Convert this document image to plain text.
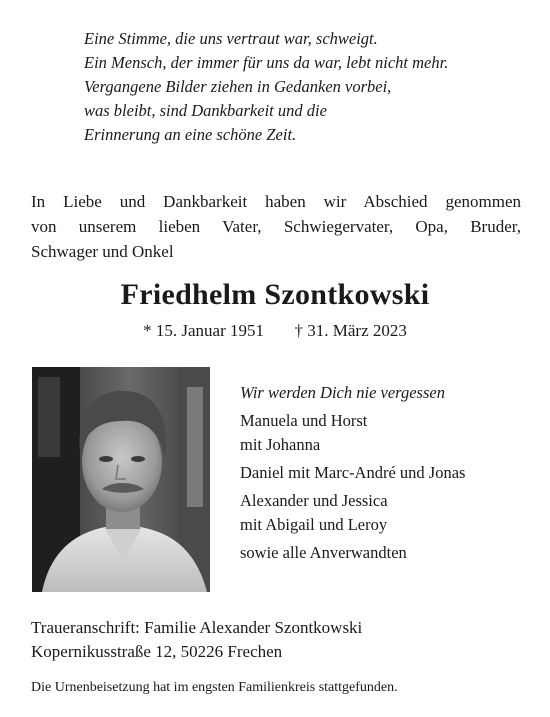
Eine Stimme, die uns vertraut war, schweigt.
Ein Mensch, der immer für uns da war, lebt nicht mehr.
Vergangene Bilder ziehen in Gedanken vorbei,
was bleibt, sind Dankbarkeit und die
Erinnerung an eine schöne Zeit.
In Liebe und Dankbarkeit haben wir Abschied genommen
von unserem lieben Vater, Schwiegervater, Opa, Bruder,
Schwager und Onkel
Friedhelm Szontkowski
* 15. Januar 1951 † 31. März 2023
Wir werden Dich nie vergessen
Manuela und Horst
mit Johanna
Daniel mit Marc-André und Jonas
Alexander und Jessica
mit Abigail und Leroy
sowie alle Anverwandten
Traueranschrift: Familie Alexander Szontkowski
Kopernikusstraße 12, 50226 Frechen
Die Urnenbeisetzung hat im engsten Familienkreis stattgefunden.
